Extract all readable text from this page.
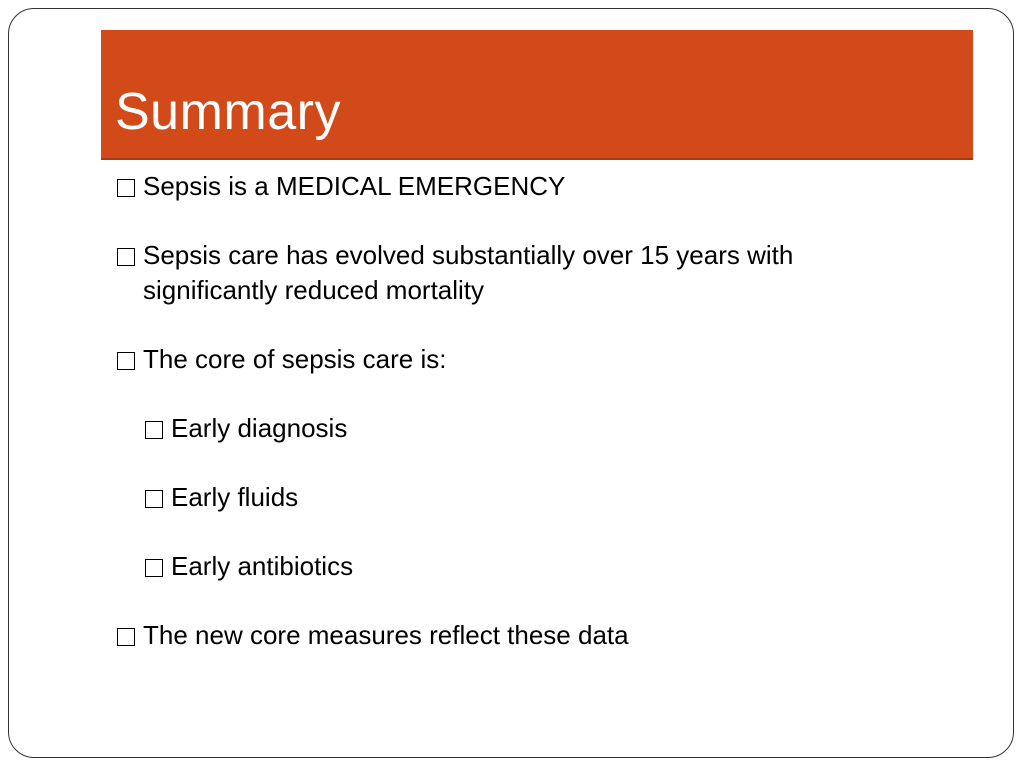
Summary
Sepsis is a MEDICAL EMERGENCY
Sepsis care has evolved substantially over 15 years with significantly reduced mortality
The core of sepsis care is:
Early diagnosis
Early fluids
Early antibiotics
The new core measures reflect these data
